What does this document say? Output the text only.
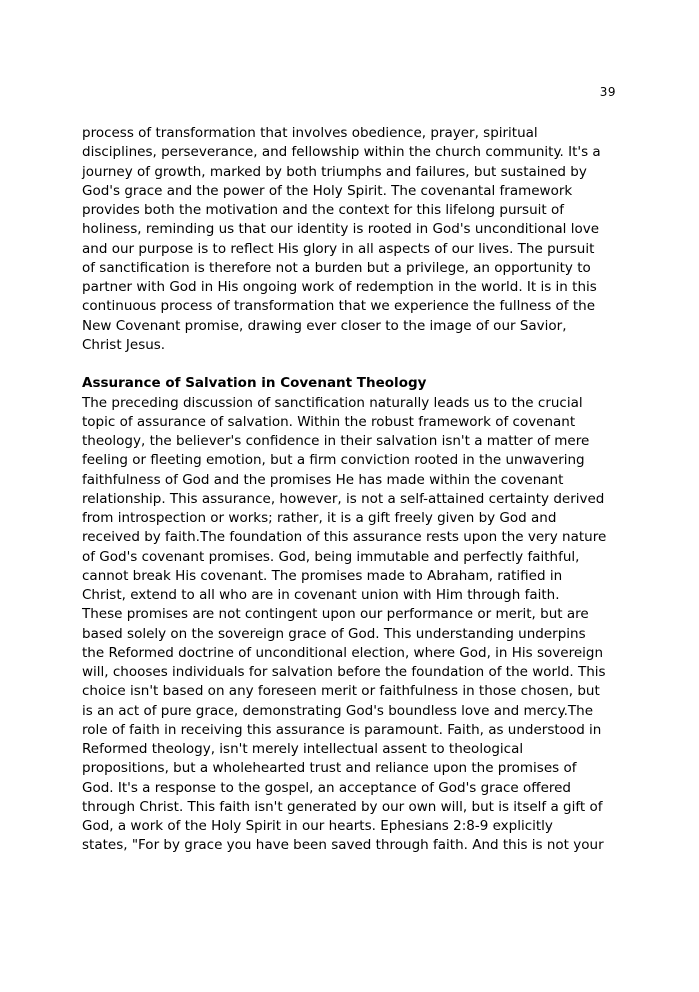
39
process of transformation that involves obedience, prayer, spiritual
disciplines, perseverance, and fellowship within the church community. It's a
journey of growth, marked by both triumphs and failures, but sustained by
God's grace and the power of the Holy Spirit. The covenantal framework
provides both the motivation and the context for this lifelong pursuit of
holiness, reminding us that our identity is rooted in God's unconditional love
and our purpose is to reflect His glory in all aspects of our lives. The pursuit
of sanctification is therefore not a burden but a privilege, an opportunity to
partner with God in His ongoing work of redemption in the world. It is in this
continuous process of transformation that we experience the fullness of the
New Covenant promise, drawing ever closer to the image of our Savior,
Christ Jesus.
Assurance of Salvation in Covenant Theology
The preceding discussion of sanctification naturally leads us to the crucial
topic of assurance of salvation. Within the robust framework of covenant
theology, the believer's confidence in their salvation isn't a matter of mere
feeling or fleeting emotion, but a firm conviction rooted in the unwavering
faithfulness of God and the promises He has made within the covenant
relationship. This assurance, however, is not a self-attained certainty derived
from introspection or works; rather, it is a gift freely given by God and
received by faith.The foundation of this assurance rests upon the very nature
of God's covenant promises. God, being immutable and perfectly faithful,
cannot break His covenant. The promises made to Abraham, ratified in
Christ, extend to all who are in covenant union with Him through faith.
These promises are not contingent upon our performance or merit, but are
based solely on the sovereign grace of God. This understanding underpins
the Reformed doctrine of unconditional election, where God, in His sovereign
will, chooses individuals for salvation before the foundation of the world. This
choice isn't based on any foreseen merit or faithfulness in those chosen, but
is an act of pure grace, demonstrating God's boundless love and mercy.The
role of faith in receiving this assurance is paramount. Faith, as understood in
Reformed theology, isn't merely intellectual assent to theological
propositions, but a wholehearted trust and reliance upon the promises of
God. It's a response to the gospel, an acceptance of God's grace offered
through Christ. This faith isn't generated by our own will, but is itself a gift of
God, a work of the Holy Spirit in our hearts. Ephesians 2:8-9 explicitly
states, "For by grace you have been saved through faith. And this is not your
